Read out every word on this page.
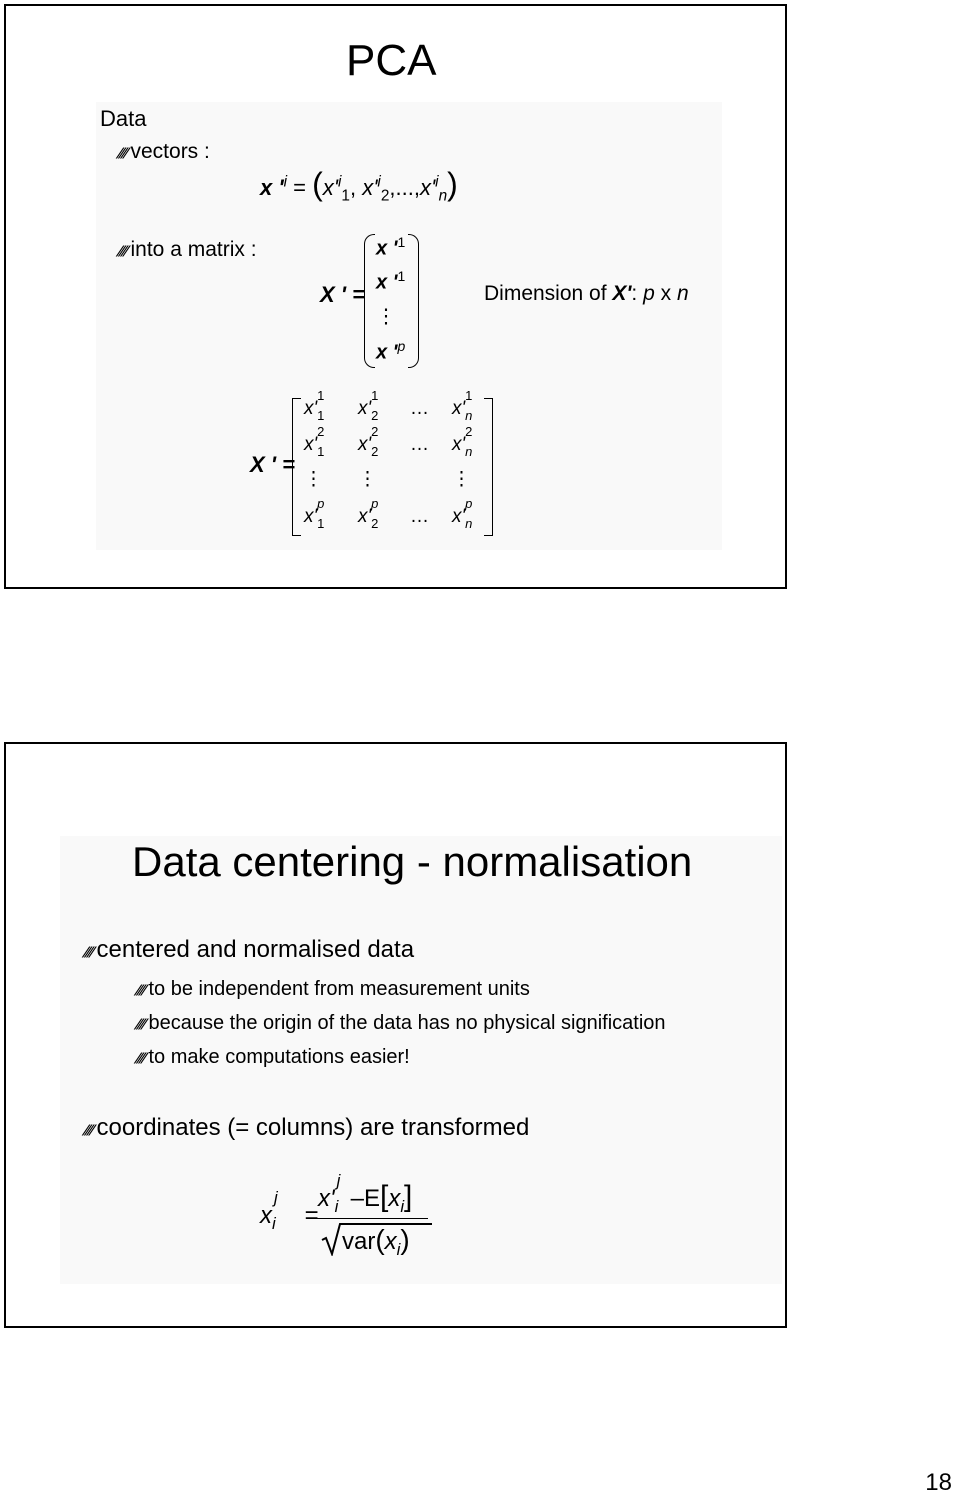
PCA
Data
⫽⫽vectors :
x '$^i = (x'^i_1$, $x'^i_2,...,x'^i_n$)
⫽⫽into a matrix :
X ' =
x '$^1$
x '$^1$
⋮
x '$^p$
Dimension of X': p x n
X ' =
x'
1
1 x'
1
2 … x'
1
n
x'
2
1 x'
2
2 … x'
2
n
⋮ ⋮	⋮
x'
p
1 x'
p
2 … x'
p
n
Data centering - normalisation
⫽⫽centered and normalised data
⫽⫽to be independent from measurement units
⫽⫽because the origin of the data has no physical signification
⫽⫽to make computations easier!
⫽⫽coordinates (= columns) are transformed
x
j
i =
x'
j
i $-E[x_i]$
$var(x_i)$
18
